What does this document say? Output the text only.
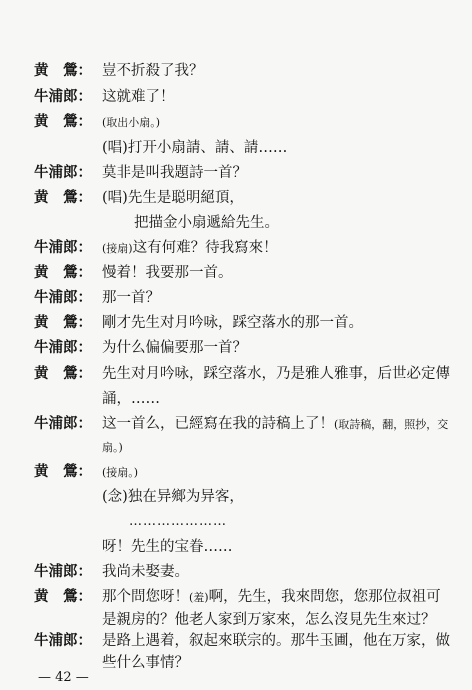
黄　鶯： 豈不折殺了我？
牛浦郎： 这就难了！
黄　鶯： (取出小扇。)
(唱)打开小扇請、請、請……
牛浦郎： 莫非是叫我題詩一首？
黄　鶯： (唱)先生是聪明絕頂，
把描金小扇遞給先生。
牛浦郎： (接扇)这有何难？待我寫來！
黄　鶯： 慢着！我要那一首。
牛浦郎： 那一首？
黄　鶯： 剛才先生对月吟咏，踩空落水的那一首。
牛浦郎： 为什么偏偏要那一首？
黄　鶯： 先生对月吟咏，踩空落水，乃是雅人雅事，后世必定傳
誦，……
牛浦郎： 这一首么，已經寫在我的詩稿上了！(取詩稿，翻，照抄，交
扇。)
黄　鶯： (接扇。)
(念)独在异鄉为异客，
…………………
呀！先生的宝眷……
牛浦郎： 我尚未娶妻。
黄　鶯： 那个問您呀！(羞)啊，先生，我來問您，您那位叔祖可
是親房的？他老人家到万家來，怎么沒見先生來过？
牛浦郎： 是路上遇着，叙起來联宗的。那牛玉圃，他在万家，做
些什么事情？
— 42 —
